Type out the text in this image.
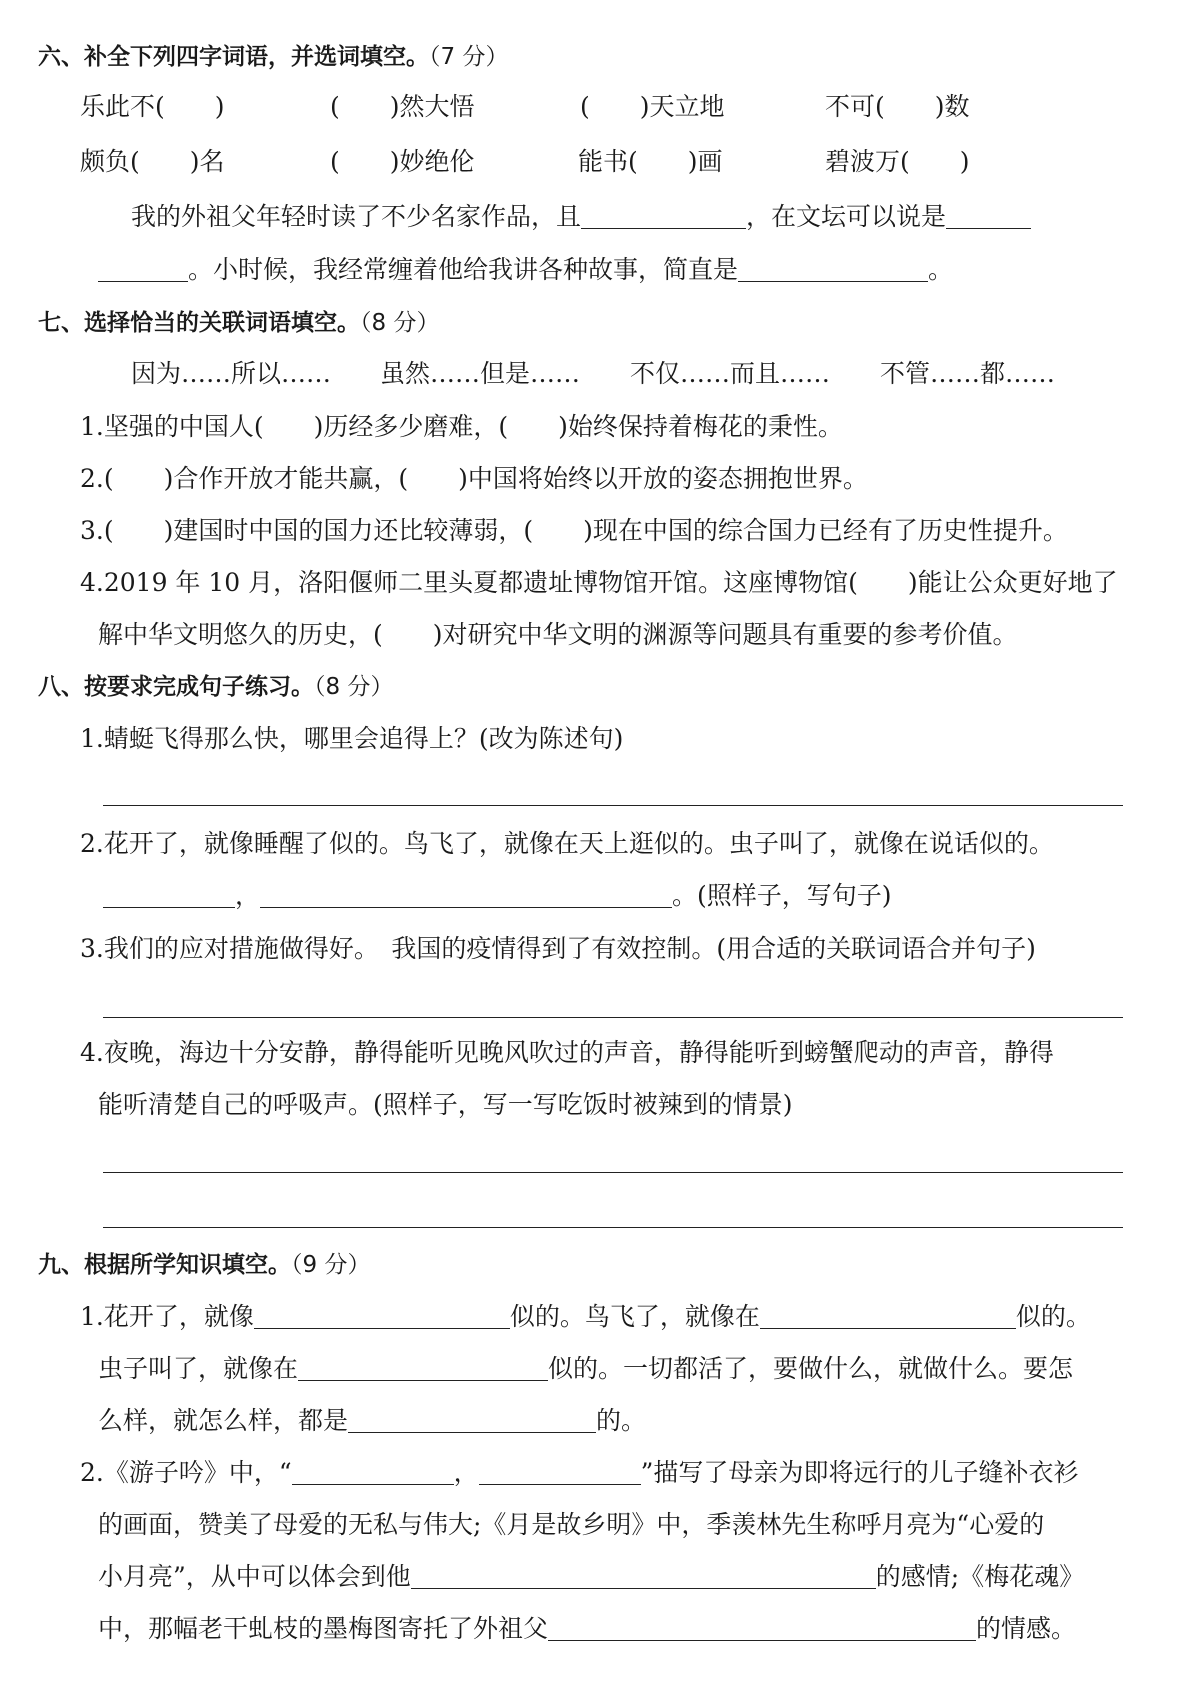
六、补全下列四字词语，并选词填空。（7 分）
乐此不(　　)	(　　)然大悟	(　　)天立地	不可(　　)数
颇负(　　)名	(　　)妙绝伦	能书(　　)画	碧波万(　　)
我的外祖父年轻时读了不少名家作品，且	，在文坛可以说是
。小时候，我经常缠着他给我讲各种故事，简直是	。
七、选择恰当的关联词语填空。（8 分）
因为……所以…… 虽然……但是…… 不仅……而且…… 不管……都……
1.坚强的中国人(　　)历经多少磨难，(　　)始终保持着梅花的秉性。
2.(　　)合作开放才能共赢，(　　)中国将始终以开放的姿态拥抱世界。
3.(　　)建国时中国的国力还比较薄弱，(　　)现在中国的综合国力已经有了历史性提升。
4.2019 年 10 月，洛阳偃师二里头夏都遗址博物馆开馆。这座博物馆(　　)能让公众更好地了
解中华文明悠久的历史，(　　)对研究中华文明的渊源等问题具有重要的参考价值。
八、按要求完成句子练习。（8 分）
1.蜻蜓飞得那么快，哪里会追得上？(改为陈述句)
2.花开了，就像睡醒了似的。鸟飞了，就像在天上逛似的。虫子叫了，就像在说话似的。
，	。(照样子，写句子)
3.我们的应对措施做得好。　我国的疫情得到了有效控制。(用合适的关联词语合并句子)
4.夜晚，海边十分安静，静得能听见晚风吹过的声音，静得能听到螃蟹爬动的声音，静得
能听清楚自己的呼吸声。(照样子，写一写吃饭时被辣到的情景)
九、根据所学知识填空。（9 分）
1.花开了，就像	似的。鸟飞了，就像在	似的。
虫子叫了，就像在	似的。一切都活了，要做什么，就做什么。要怎
么样，就怎么样，都是	的。
2.《游子吟》中，“	，	”描写了母亲为即将远行的儿子缝补衣衫
的画面，赞美了母爱的无私与伟大;《月是故乡明》中，季羡林先生称呼月亮为“心爱的
小月亮”，从中可以体会到他	的感情;《梅花魂》
中，那幅老干虬枝的墨梅图寄托了外祖父	的情感。
